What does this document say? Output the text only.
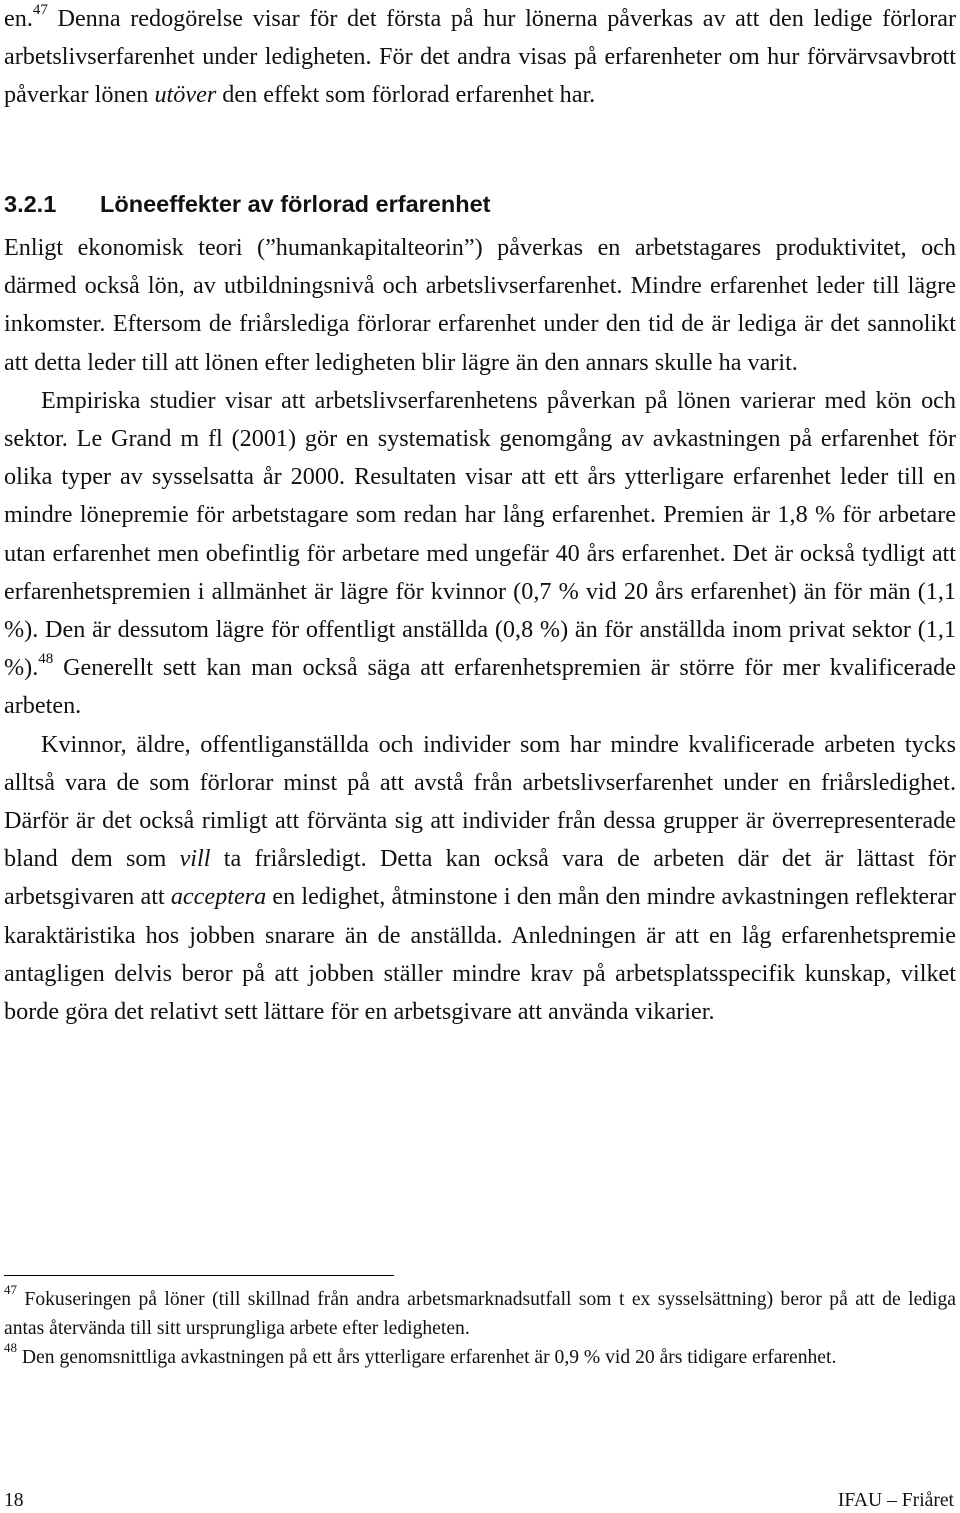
en.$^{47}$ Denna redogörelse visar för det första på hur lönerna påverkas av att den ledige förlorar arbetslivserfarenhet under ledigheten. För det andra visas på erfarenheter om hur förvärvsavbrott påverkar lönen utöver den effekt som förlorad erfarenhet har.

3.2.1 Löneeffekter av förlorad erfarenhet

Enligt ekonomisk teori (”humankapitalteorin”) påverkas en arbetstagares produktivitet, och därmed också lön, av utbildningsnivå och arbetslivserfarenhet. Mindre erfarenhet leder till lägre inkomster. Eftersom de friårslediga förlorar erfarenhet under den tid de är lediga är det sannolikt att detta leder till att lönen efter ledigheten blir lägre än den annars skulle ha varit.

Empiriska studier visar att arbetslivserfarenhetens påverkan på lönen varierar med kön och sektor. Le Grand m fl (2001) gör en systematisk genomgång av avkastningen på erfarenhet för olika typer av sysselsatta år 2000. Resultaten visar att ett års ytterligare erfarenhet leder till en mindre lönepremie för arbetstagare som redan har lång erfarenhet. Premien är 1,8 % för arbetare utan erfarenhet men obefintlig för arbetare med ungefär 40 års erfarenhet. Det är också tydligt att erfarenhetspremien i allmänhet är lägre för kvinnor (0,7 % vid 20 års erfarenhet) än för män (1,1 %). Den är dessutom lägre för offentligt anställda (0,8 %) än för anställda inom privat sektor (1,1 %).$^{48}$ Generellt sett kan man också säga att erfarenhetspremien är större för mer kvalificerade arbeten.

Kvinnor, äldre, offentliganställda och individer som har mindre kvalificerade arbeten tycks alltså vara de som förlorar minst på att avstå från arbetslivserfarenhet under en friårsledighet. Därför är det också rimligt att förvänta sig att individer från dessa grupper är överrepresenterade bland dem som vill ta friårsledigt. Detta kan också vara de arbeten där det är lättast för arbetsgivaren att acceptera en ledighet, åtminstone i den mån den mindre avkastningen reflekterar karaktäristika hos jobben snarare än de anställda. Anledningen är att en låg erfarenhetspremie antagligen delvis beror på att jobben ställer mindre krav på arbetsplatsspecifik kunskap, vilket borde göra det relativt sett lättare för en arbetsgivare att använda vikarier.

$^{47}$ Fokuseringen på löner (till skillnad från andra arbetsmarknadsutfall som t ex sysselsättning) beror på att de lediga antas återvända till sitt ursprungliga arbete efter ledigheten.

$^{48}$ Den genomsnittliga avkastningen på ett års ytterligare erfarenhet är 0,9 % vid 20 års tidigare erfarenhet.

18	IFAU – Friåret
